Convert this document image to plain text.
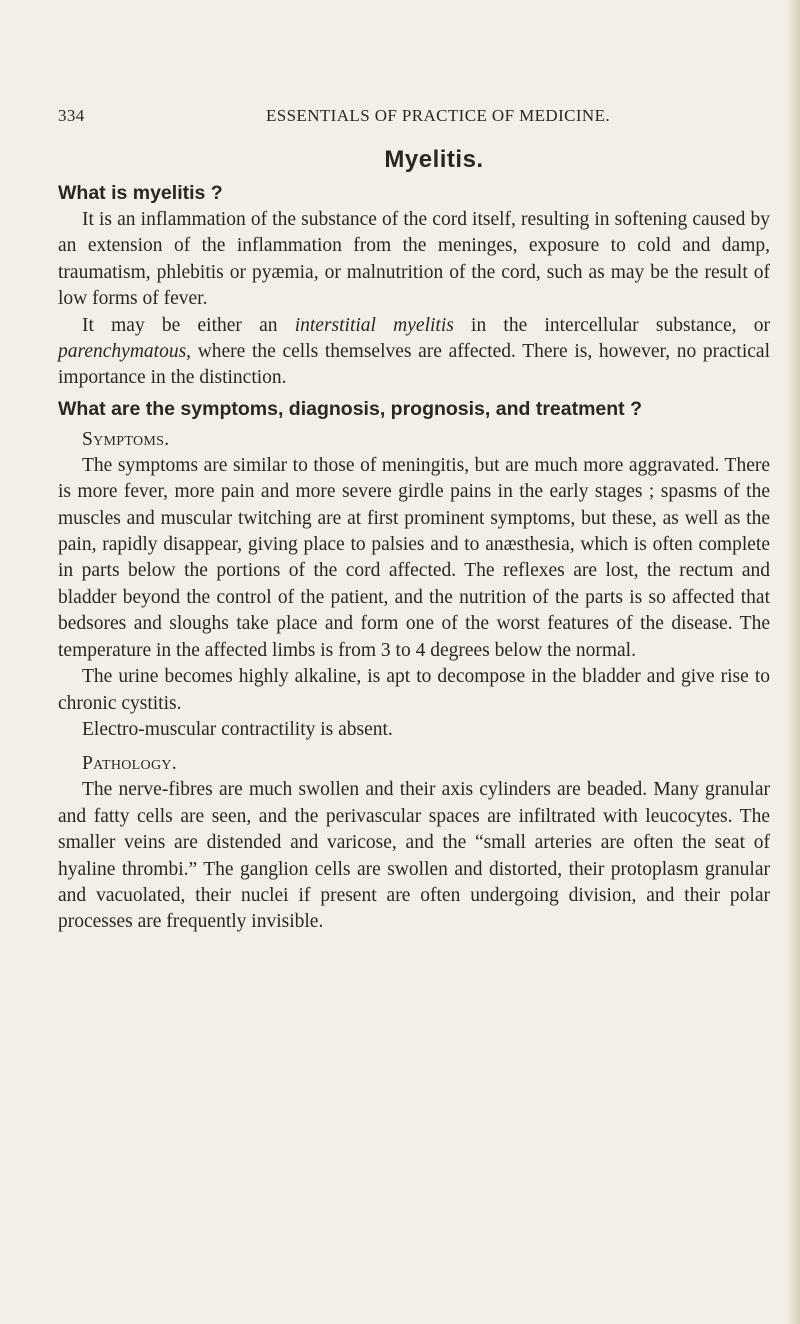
334	ESSENTIALS OF PRACTICE OF MEDICINE.
Myelitis.
What is myelitis ?

It is an inflammation of the substance of the cord itself, resulting in softening caused by an extension of the inflammation from the meninges, exposure to cold and damp, traumatism, phlebitis or pyæmia, or malnutrition of the cord, such as may be the result of low forms of fever.

It may be either an interstitial myelitis in the intercellular substance, or parenchymatous, where the cells themselves are affected. There is, however, no practical importance in the distinction.

What are the symptoms, diagnosis, prognosis, and treatment ?
Symptoms.

The symptoms are similar to those of meningitis, but are much more aggravated. There is more fever, more pain and more severe girdle pains in the early stages ; spasms of the muscles and muscular twitching are at first prominent symptoms, but these, as well as the pain, rapidly disappear, giving place to palsies and to anæsthesia, which is often complete in parts below the portions of the cord affected. The reflexes are lost, the rectum and bladder beyond the control of the patient, and the nutrition of the parts is so affected that bedsores and sloughs take place and form one of the worst features of the disease. The temperature in the affected limbs is from 3 to 4 degrees below the normal.

The urine becomes highly alkaline, is apt to decompose in the bladder and give rise to chronic cystitis.

Electro-muscular contractility is absent.

Pathology.

The nerve-fibres are much swollen and their axis cylinders are beaded. Many granular and fatty cells are seen, and the perivascular spaces are infiltrated with leucocytes. The smaller veins are distended and varicose, and the “small arteries are often the seat of hyaline thrombi.” The ganglion cells are swollen and distorted, their protoplasm granular and vacuolated, their nuclei if present are often undergoing division, and their polar processes are frequently invisible.
